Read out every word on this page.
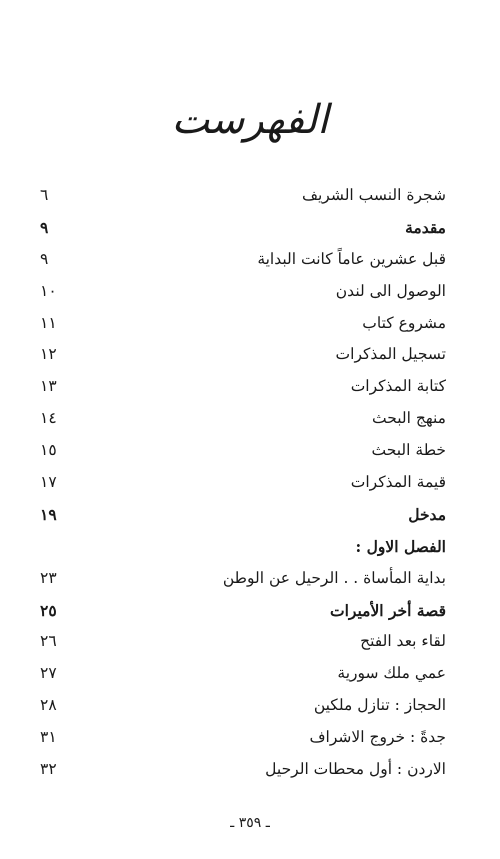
الفهرست
شجرة النسب الشريف
٦
مقدمة
٩
قبل عشرين عاماً كانت البداية
٩
الوصول الى لندن
١٠
مشروع كتاب
١١
تسجيل المذكرات
١٢
كتابة المذكرات
١٣
منهج البحث
١٤
خطة البحث
١٥
قيمة المذكرات
١٧
مدخل
١٩
الفصل الاول :
بداية المأساة . . الرحيل عن الوطن
٢٣
قصة أخر الأميرات
٢٥
لقاء بعد الفتح
٢٦
عمي ملك سورية
٢٧
الحجاز : تنازل ملكين
٢٨
جدةً : خروج الاشراف
٣١
الاردن : أول محطات الرحيل
٣٢
ـ ٣٥٩ ـ
